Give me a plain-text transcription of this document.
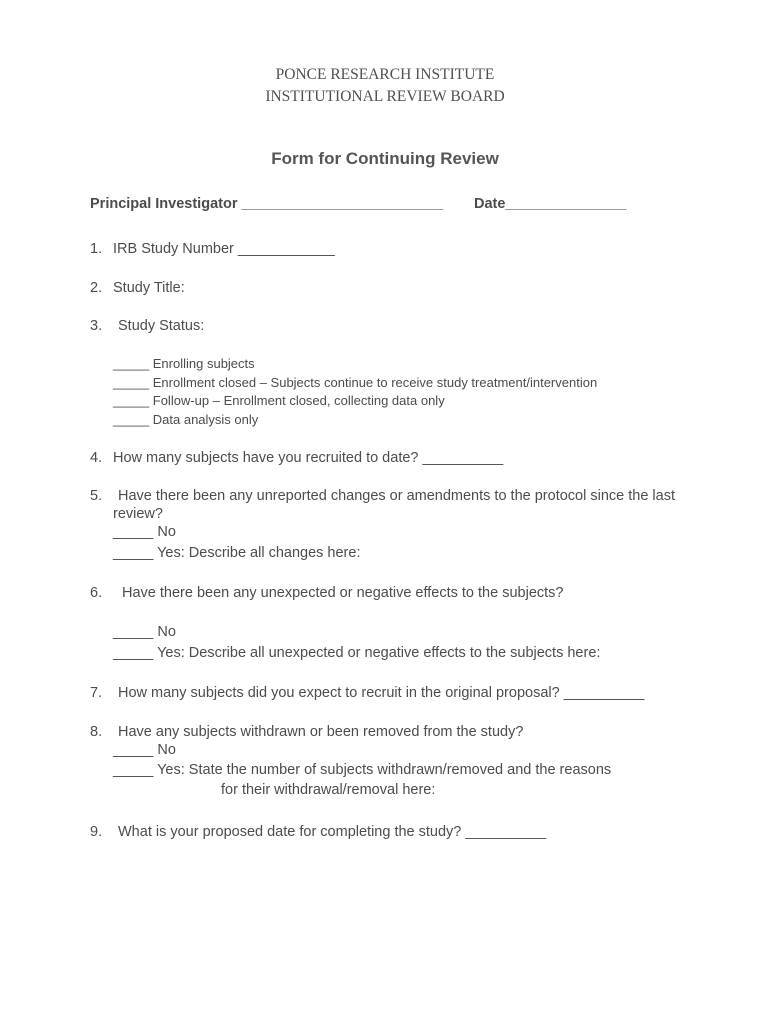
PONCE RESEARCH INSTITUTE
INSTITUTIONAL REVIEW BOARD
Form for Continuing Review
Principal Investigator _________________________ Date_______________
1. IRB Study Number ____________
2. Study Title:
3. Study Status:
_____ Enrolling subjects
_____ Enrollment closed – Subjects continue to receive study treatment/intervention
_____ Follow-up – Enrollment closed, collecting data only
_____ Data analysis only
4. How many subjects have you recruited to date? __________
5. Have there been any unreported changes or amendments to the protocol since the last
review?
_____ No
_____ Yes: Describe all changes here:
6. Have there been any unexpected or negative effects to the subjects?
_____ No
_____ Yes: Describe all unexpected or negative effects to the subjects here:
7. How many subjects did you expect to recruit in the original proposal? __________
8. Have any subjects withdrawn or been removed from the study?
_____ No
_____ Yes: State the number of subjects withdrawn/removed and the reasons
for their withdrawal/removal here:
9. What is your proposed date for completing the study? __________
